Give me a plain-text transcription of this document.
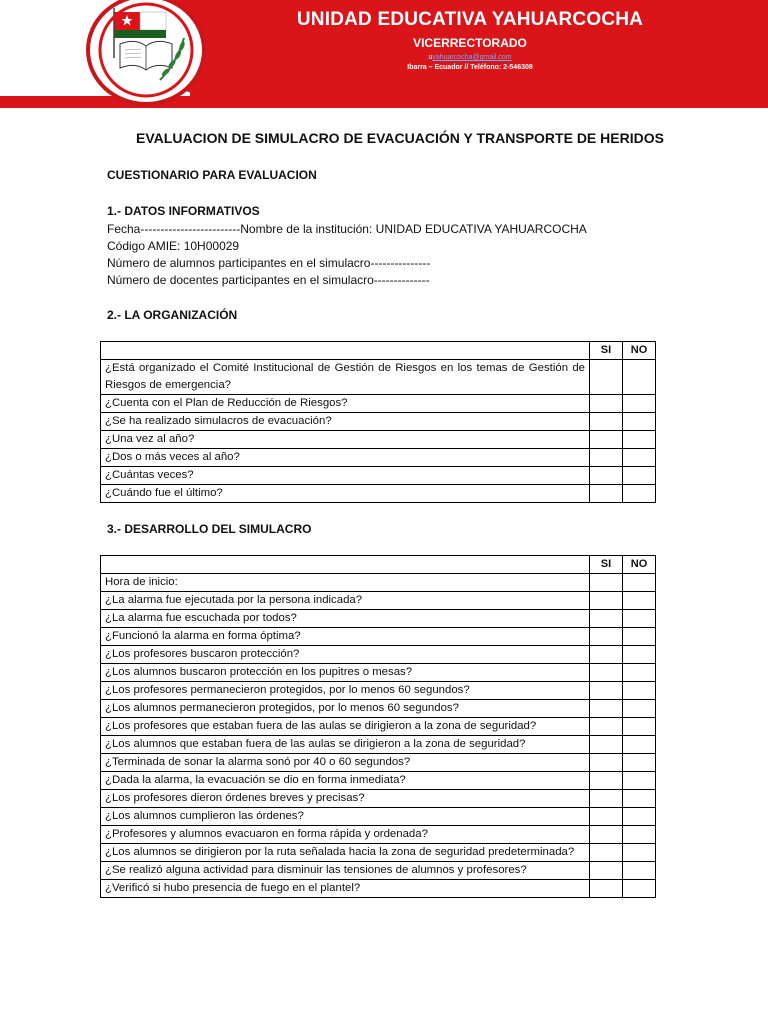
UNIDAD EDUCATIVA YAHUARCOCHA
VICERRECTORADO
uyahuarcocha@gmail.com
Ibarra – Ecuador // Teléfono: 2-546308
EVALUACION DE SIMULACRO DE EVACUACIÓN Y TRANSPORTE DE HERIDOS
CUESTIONARIO PARA EVALUACION
1.- DATOS INFORMATIVOS
Fecha-------------------------Nombre de la institución: UNIDAD EDUCATIVA YAHUARCOCHA
Código AMIE: 10H00029
Número de alumnos participantes en el simulacro---------------
Número de docentes participantes en el simulacro--------------
2.- LA ORGANIZACIÓN
	SI	NO
¿Está organizado el Comité Institucional de Gestión de Riesgos en los temas de Gestión de Riesgos de emergencia?		
¿Cuenta con el Plan de Reducción de Riesgos?		
¿Se ha realizado simulacros de evacuación?		
¿Una vez al año?		
¿Dos o más veces al año?		
¿Cuántas veces?		
¿Cuándo fue el último?		
3.- DESARROLLO DEL SIMULACRO
	SI	NO
Hora de inicio:		
¿La alarma fue ejecutada por la persona indicada?		
¿La alarma fue escuchada por todos?		
¿Funcionó la alarma en forma óptima?		
¿Los profesores buscaron protección?		
¿Los alumnos buscaron protección en los pupitres o mesas?		
¿Los profesores permanecieron protegidos, por lo menos 60 segundos?		
¿Los alumnos permanecieron protegidos, por lo menos 60 segundos?		
¿Los profesores que estaban fuera de las aulas se dirigieron a la zona de seguridad?		
¿Los alumnos que estaban fuera de las aulas se dirigieron a la zona de seguridad?		
¿Terminada de sonar la alarma sonó por 40 o 60 segundos?		
¿Dada la alarma, la evacuación se dio en forma inmediata?		
¿Los profesores dieron órdenes breves y precisas?		
¿Los alumnos cumplieron las órdenes?		
¿Profesores y alumnos evacuaron en forma rápida y ordenada?		
¿Los alumnos se dirigieron por la ruta señalada hacia la zona de seguridad predeterminada?		
¿Se realizó alguna actividad para disminuir las tensiones de alumnos y profesores?		
¿Verificó si hubo presencia de fuego en el plantel?		
